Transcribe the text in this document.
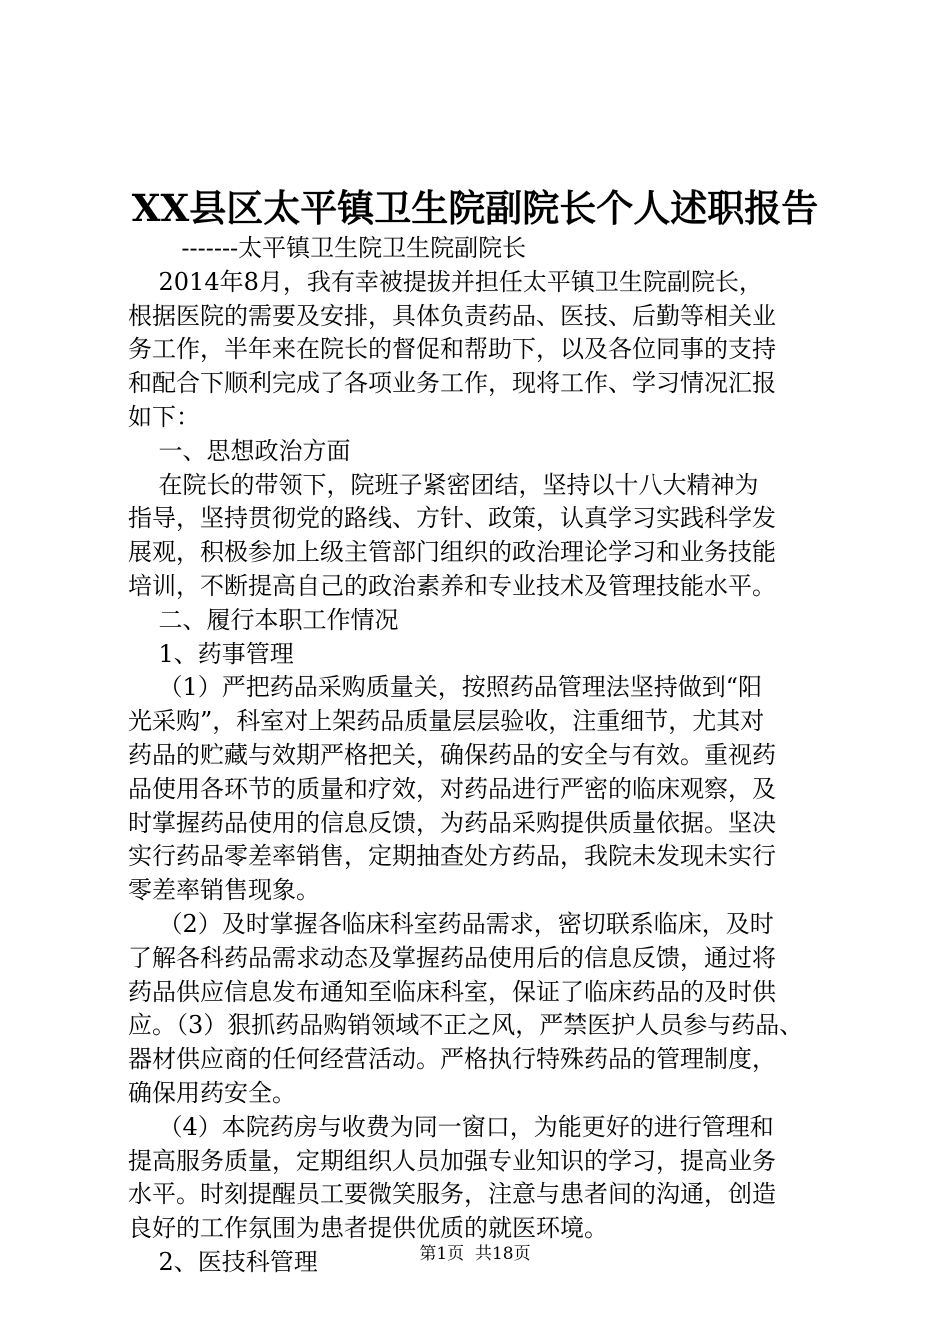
XX县区太平镇卫生院副院长个人述职报告
-------太平镇卫生院卫生院副院长
2014年8月，我有幸被提拔并担任太平镇卫生院副院长，
根据医院的需要及安排，具体负责药品、医技、后勤等相关业
务工作，半年来在院长的督促和帮助下，以及各位同事的支持
和配合下顺利完成了各项业务工作，现将工作、学习情况汇报
如下：
一、思想政治方面
在院长的带领下，院班子紧密团结，坚持以十八大精神为
指导，坚持贯彻党的路线、方针、政策，认真学习实践科学发
展观，积极参加上级主管部门组织的政治理论学习和业务技能
培训，不断提高自己的政治素养和专业技术及管理技能水平。
二、履行本职工作情况
1、药事管理
（1）严把药品采购质量关，按照药品管理法坚持做到“阳
光采购”，科室对上架药品质量层层验收，注重细节，尤其对
药品的贮藏与效期严格把关，确保药品的安全与有效。重视药
品使用各环节的质量和疗效，对药品进行严密的临床观察，及
时掌握药品使用的信息反馈，为药品采购提供质量依据。坚决
实行药品零差率销售，定期抽查处方药品，我院未发现未实行
零差率销售现象。
（2）及时掌握各临床科室药品需求，密切联系临床，及时
了解各科药品需求动态及掌握药品使用后的信息反馈，通过将
药品供应信息发布通知至临床科室，保证了临床药品的及时供
应。（3）狠抓药品购销领域不正之风，严禁医护人员参与药品、
器材供应商的任何经营活动。严格执行特殊药品的管理制度，
确保用药安全。
（4）本院药房与收费为同一窗口，为能更好的进行管理和
提高服务质量，定期组织人员加强专业知识的学习，提高业务
水平。时刻提醒员工要微笑服务，注意与患者间的沟通，创造
良好的工作氛围为患者提供优质的就医环境。
2、医技科管理	第1页  共18页
